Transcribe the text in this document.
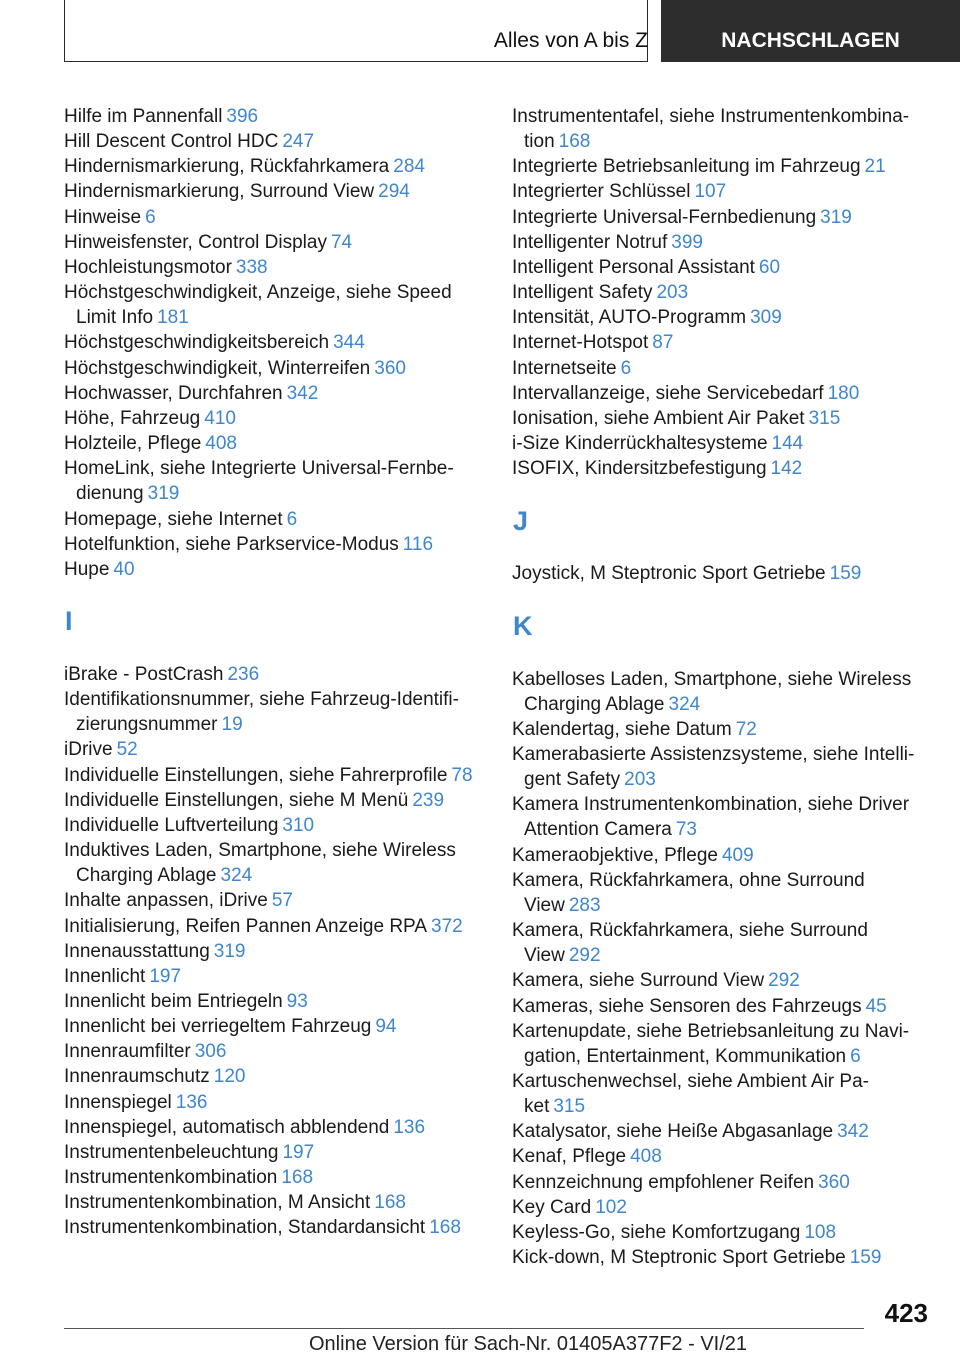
Alles von A bis Z	NACHSCHLAGEN
Hilfe im Pannenfall 396
Hill Descent Control HDC 247
Hindernismarkierung, Rückfahrkamera 284
Hindernismarkierung, Surround View 294
Hinweise 6
Hinweisfenster, Control Display 74
Hochleistungsmotor 338
Höchstgeschwindigkeit, Anzeige, siehe Speed
Limit Info 181
Höchstgeschwindigkeitsbereich 344
Höchstgeschwindigkeit, Winterreifen 360
Hochwasser, Durchfahren 342
Höhe, Fahrzeug 410
Holzteile, Pflege 408
HomeLink, siehe Integrierte Universal-Fernbe‐
dienung 319
Homepage, siehe Internet 6
Hotelfunktion, siehe Parkservice-Modus 116
Hupe 40
I
iBrake - PostCrash 236
Identifikationsnummer, siehe Fahrzeug-Identifi‐
zierungsnummer 19
iDrive 52
Individuelle Einstellungen, siehe Fahrerprofile 78
Individuelle Einstellungen, siehe M Menü 239
Individuelle Luftverteilung 310
Induktives Laden, Smartphone, siehe Wireless
Charging Ablage 324
Inhalte anpassen, iDrive 57
Initialisierung, Reifen Pannen Anzeige RPA 372
Innenausstattung 319
Innenlicht 197
Innenlicht beim Entriegeln 93
Innenlicht bei verriegeltem Fahrzeug 94
Innenraumfilter 306
Innenraumschutz 120
Innenspiegel 136
Innenspiegel, automatisch abblendend 136
Instrumentenbeleuchtung 197
Instrumentenkombination 168
Instrumentenkombination, M Ansicht 168
Instrumentenkombination, Standardansicht 168
Instrumententafel, siehe Instrumentenkombina‐
tion 168
Integrierte Betriebsanleitung im Fahrzeug 21
Integrierter Schlüssel 107
Integrierte Universal-Fernbedienung 319
Intelligenter Notruf 399
Intelligent Personal Assistant 60
Intelligent Safety 203
Intensität, AUTO-Programm 309
Internet-Hotspot 87
Internetseite 6
Intervallanzeige, siehe Servicebedarf 180
Ionisation, siehe Ambient Air Paket 315
i-Size Kinderrückhaltesysteme 144
ISOFIX, Kindersitzbefestigung 142
J
Joystick, M Steptronic Sport Getriebe 159
K
Kabelloses Laden, Smartphone, siehe Wireless
Charging Ablage 324
Kalendertag, siehe Datum 72
Kamerabasierte Assistenzsysteme, siehe Intelli‐
gent Safety 203
Kamera Instrumentenkombination, siehe Driver
Attention Camera 73
Kameraobjektive, Pflege 409
Kamera, Rückfahrkamera, ohne Surround
View 283
Kamera, Rückfahrkamera, siehe Surround
View 292
Kamera, siehe Surround View 292
Kameras, siehe Sensoren des Fahrzeugs 45
Kartenupdate, siehe Betriebsanleitung zu Navi‐
gation, Entertainment, Kommunikation 6
Kartuschenwechsel, siehe Ambient Air Pa‐
ket 315
Katalysator, siehe Heiße Abgasanlage 342
Kenaf, Pflege 408
Kennzeichnung empfohlener Reifen 360
Key Card 102
Keyless-Go, siehe Komfortzugang 108
Kick-down, M Steptronic Sport Getriebe 159
423
Online Version für Sach-Nr. 01405A377F2 - VI/21
